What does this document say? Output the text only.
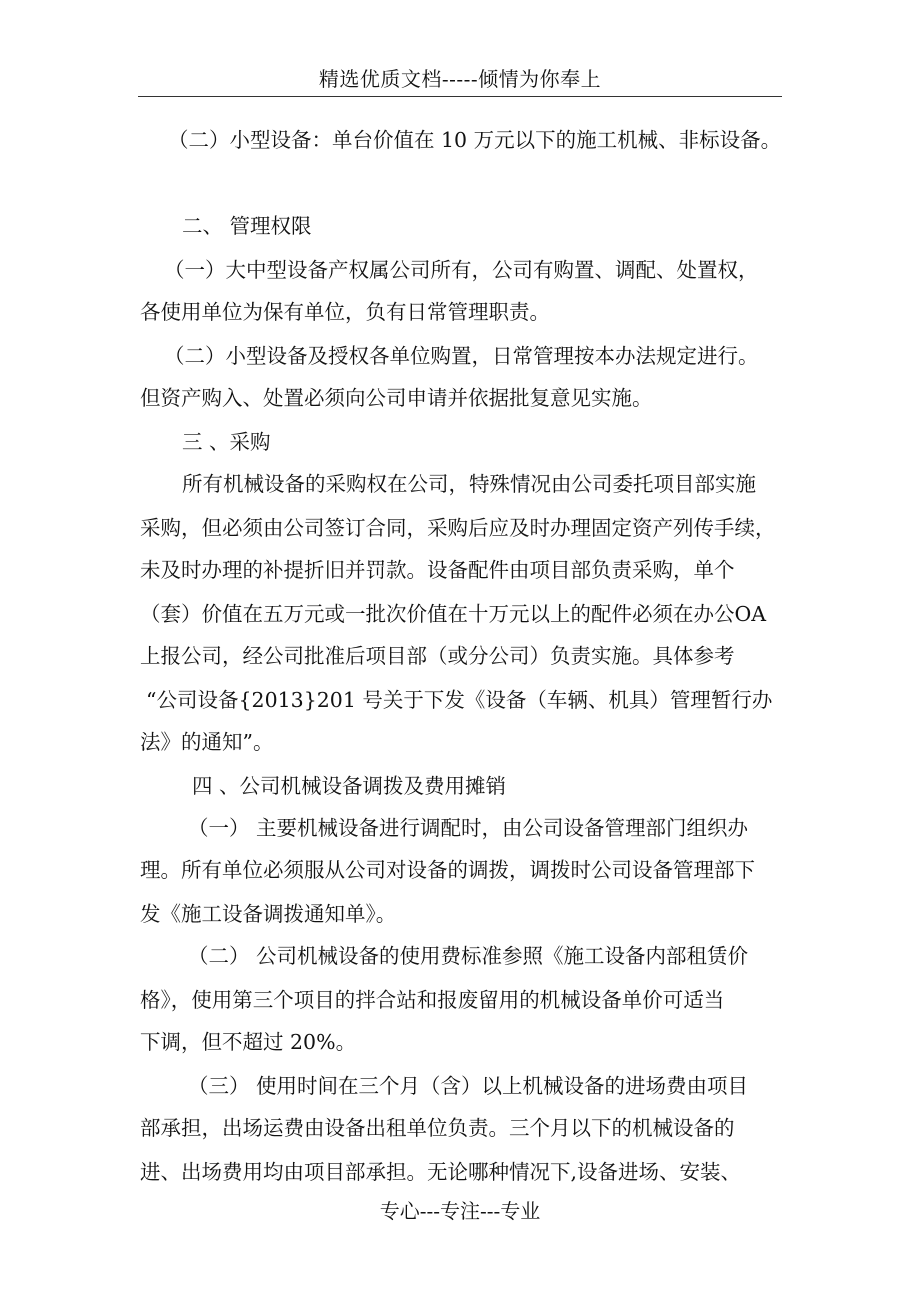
精选优质文档-----倾情为你奉上
（二）小型设备：单台价值在 10 万元以下的施工机械、非标设备。
二、 管理权限
（一）大中型设备产权属公司所有，公司有购置、调配、处置权，
各使用单位为保有单位，负有日常管理职责。
（二）小型设备及授权各单位购置，日常管理按本办法规定进行。
但资产购入、处置必须向公司申请并依据批复意见实施。
三 、采购
所有机械设备的采购权在公司，特殊情况由公司委托项目部实施
采购，但必须由公司签订合同，采购后应及时办理固定资产列传手续，
未及时办理的补提折旧并罚款。设备配件由项目部负责采购，单个
（套）价值在五万元或一批次价值在十万元以上的配件必须在办公OA
上报公司，经公司批准后项目部（或分公司）负责实施。具体参考
“公司设备{2013}201 号关于下发《设备（车辆、机具）管理暂行办
法》的通知”。
四 、公司机械设备调拨及费用摊销
（一） 主要机械设备进行调配时，由公司设备管理部门组织办
理。所有单位必须服从公司对设备的调拨，调拨时公司设备管理部下
发《施工设备调拨通知单》。
（二） 公司机械设备的使用费标准参照《施工设备内部租赁价
格》，使用第三个项目的拌合站和报废留用的机械设备单价可适当
下调，但不超过 20%。
（三） 使用时间在三个月（含）以上机械设备的进场费由项目
部承担，出场运费由设备出租单位负责。三个月以下的机械设备的
进、出场费用均由项目部承担。无论哪种情况下,设备进场、安装、
专心---专注---专业
